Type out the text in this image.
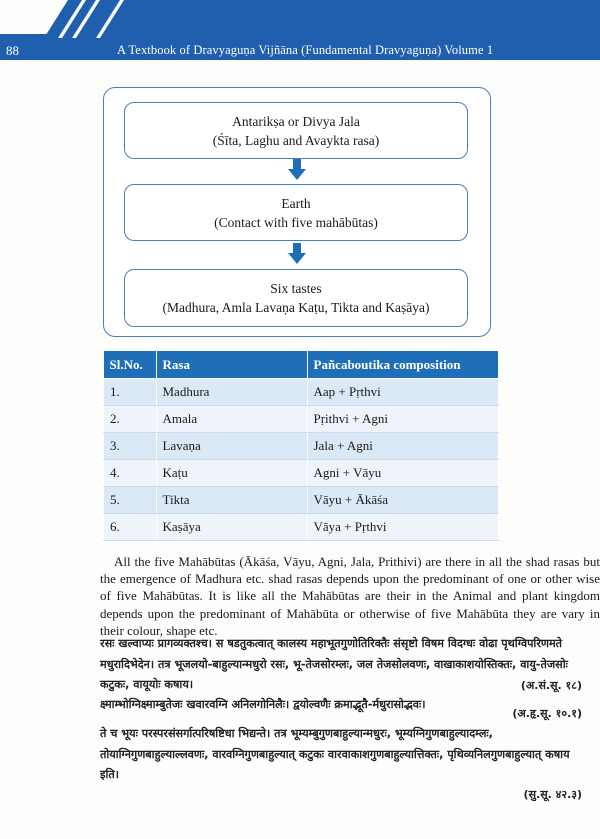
88	A Textbook of Dravyaguṇa Vijñāna (Fundamental Dravyaguṇa) Volume 1
Antarikṣa or Divya Jala
(Śīta, Laghu and Avaykta rasa)
Earth
(Contact with five mahābūtas)
Six tastes
(Madhura, Amla Lavaṇa Kaṭu, Tikta and Kaṣāya)
Sl.No.	Rasa	Pañcaboutika composition
1.	Madhura	Aap + Pṛthvi
2.	Amala	Pṛithvi + Agni
3.	Lavaṇa	Jala + Agni
4.	Kaṭu	Agni + Vāyu
5.	Tikta	Vāyu + Ākāśa
6.	Kaṣāya	Vāya + Pṛthvi
All the five Mahābūtas (Ākāśa, Vāyu, Agni, Jala, Prithivi) are there in all the shad rasas but the emergence of Madhura etc. shad rasas depends upon the predominant of one or other wise of five Mahābūtas. It is like all the Mahābūtas are their in the Animal and plant kingdom depends upon the predominant of Mahābūta or otherwise of five Mahābūta they are vary in their colour, shape etc.
रसः खल्वाप्यः प्रागव्यक्तश्च। स षडतुकत्वात् कालस्य महाभूतगुणोतिरिक्तैः संसृष्टो विषम विदग्धः वोढा पृथग्विपरिणमते मधुरादिभेदेन। तत्र भूजलयो-बाहुल्यान्मधुरो रसः, भू-तेजसोरम्लः, जल तेजसोलवणः, वाखाकाशयोस्तिक्तः, वायु-तेजसोः कटुकः, वायूयोः कषाय।	(अ.सं.सू. १८)
क्ष्माम्भोग्निक्ष्माम्बुतेजः खवारवग्नि अनिलगोनिलैः। द्वयोल्वणैः क्रमाद्भूतै-र्मधुरासोद्भवः।
(अ.हृ.सू. १०.१)
ते च भूयः परस्परसंसर्गात्परिषष्टिधा भिद्यन्ते। तत्र भूम्यम्बुगुणबाहुल्यान्मधुरः, भूम्यग्निगुणबाहुल्यादम्लः, तोयाग्निगुणबाहुल्याल्लवणः, वारवग्निगुणबाहुल्यात् कटुकः वारवाकाशगुणबाहुल्यात्तिक्तः, पृथिव्यनिलगुणबाहुल्यात् कषाय इति।
(सु.सू. ४२.३)
